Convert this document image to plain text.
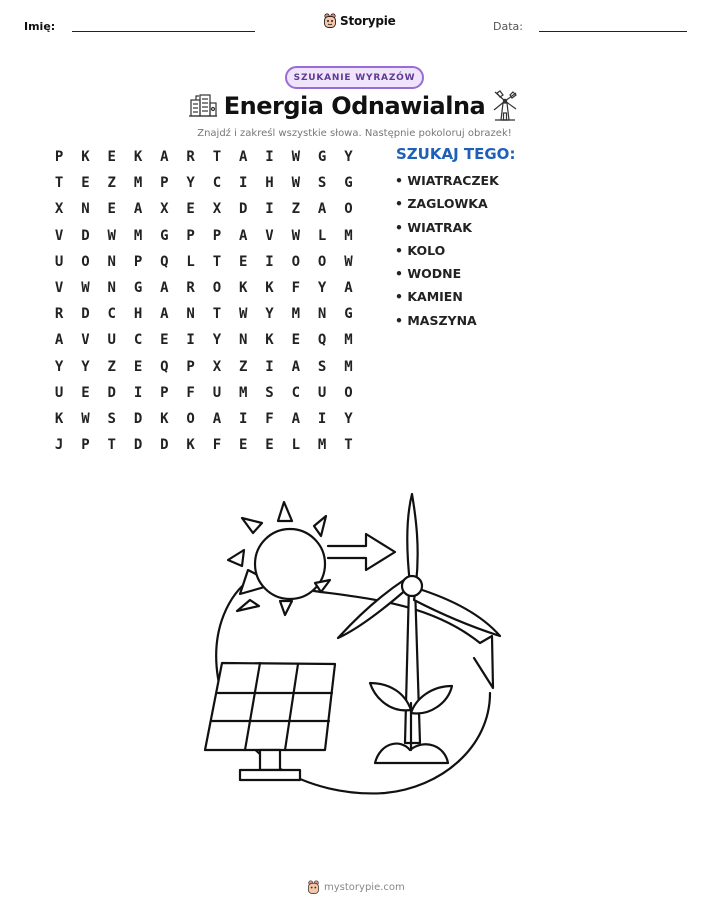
Imię:	Storypie	Data:
SZUKANIE WYRAZÓW
Energia Odnawialna
Znajdź i zakreśl wszystkie słowa. Następnie pokoloruj obrazek!
P	K	E	K	A	R	T	A	I	W	G	Y
T	E	Z	M	P	Y	C	I	H	W	S	G
X	N	E	A	X	E	X	D	I	Z	A	O
V	D	W	M	G	P	P	A	V	W	L	M
U	O	N	P	Q	L	T	E	I	O	O	W
V	W	N	G	A	R	O	K	K	F	Y	A
R	D	C	H	A	N	T	W	Y	M	N	G
A	V	U	C	E	I	Y	N	K	E	Q	M
Y	Y	Z	E	Q	P	X	Z	I	A	S	M
U	E	D	I	P	F	U	M	S	C	U	O
K	W	S	D	K	O	A	I	F	A	I	Y
J	P	T	D	D	K	F	E	E	L	M	T
SZUKAJ TEGO:
• WIATRACZEK
• ZAGLOWKA
• WIATRAK
• KOLO
• WODNE
• KAMIEN
• MASZYNA
mystorypie.com
